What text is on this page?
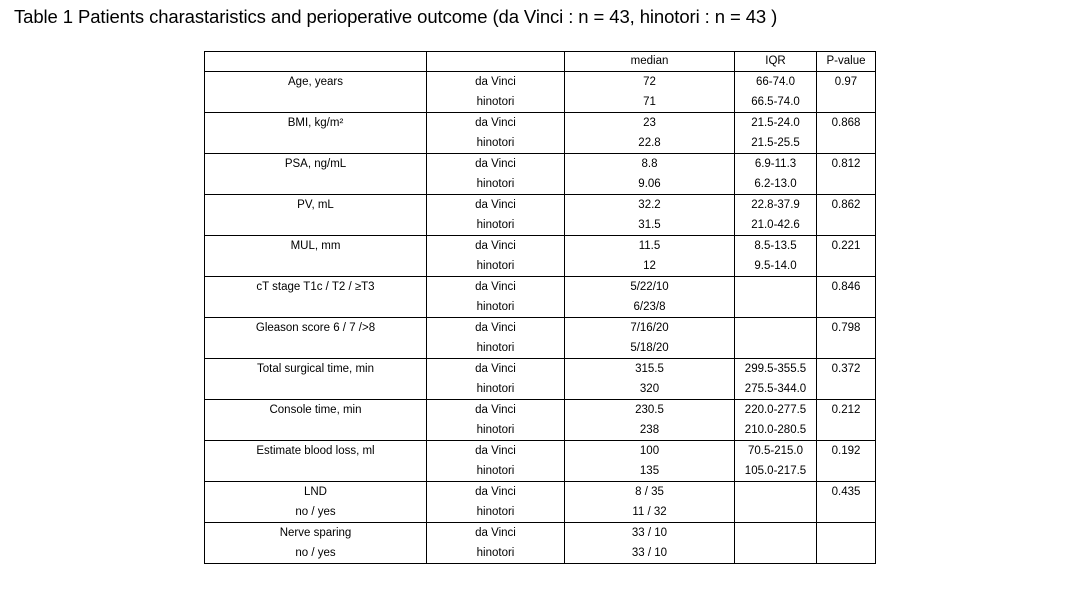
Table 1 Patients charastaristics and perioperative outcome (da Vinci : n = 43, hinotori : n = 43 )
		median	IQR	P-value
Age, years	da Vinci	72	66-74.0	0.97
	hinotori	71	66.5-74.0	
BMI, kg/m²	da Vinci	23	21.5-24.0	0.868
	hinotori	22.8	21.5-25.5	
PSA, ng/mL	da Vinci	8.8	6.9-11.3	0.812
	hinotori	9.06	6.2-13.0	
PV, mL	da Vinci	32.2	22.8-37.9	0.862
	hinotori	31.5	21.0-42.6	
MUL, mm	da Vinci	11.5	8.5-13.5	0.221
	hinotori	12	9.5-14.0	
cT stage T1c / T2 / ≥T3	da Vinci	5/22/10		0.846
	hinotori	6/23/8		
Gleason score 6 / 7 />8	da Vinci	7/16/20		0.798
	hinotori	5/18/20		
Total surgical time, min	da Vinci	315.5	299.5-355.5	0.372
	hinotori	320	275.5-344.0	
Console time, min	da Vinci	230.5	220.0-277.5	0.212
	hinotori	238	210.0-280.5	
Estimate blood loss, ml	da Vinci	100	70.5-215.0	0.192
	hinotori	135	105.0-217.5	
LND	da Vinci	8 / 35		0.435
no / yes	hinotori	11 / 32		
Nerve sparing	da Vinci	33 / 10		
no / yes	hinotori	33 / 10		
